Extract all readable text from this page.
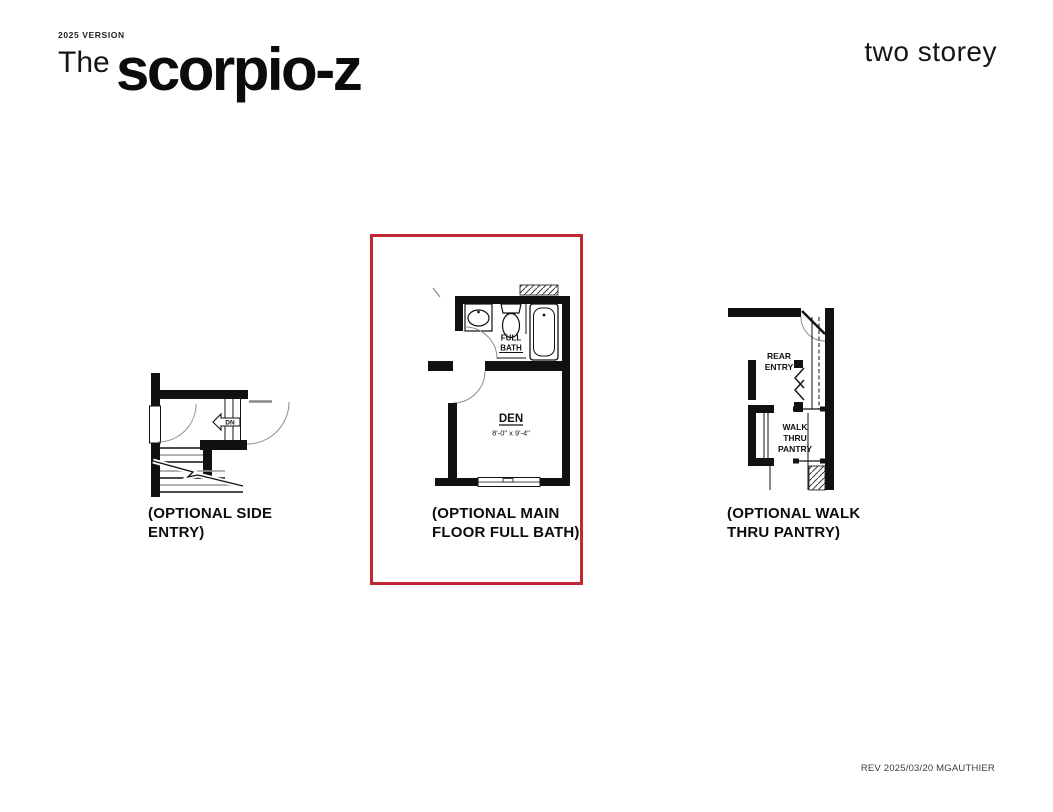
2025 VERSION
The scorpio-z	two storey
DN
FULL
BATH
DEN
8'-0" x 9'-4"
REAR
ENTRY
WALK
THRU
PANTRY
(OPTIONAL SIDE ENTRY)
(OPTIONAL MAIN FLOOR FULL BATH)
(OPTIONAL WALK THRU PANTRY)
REV 2025/03/20 MGAUTHIER
